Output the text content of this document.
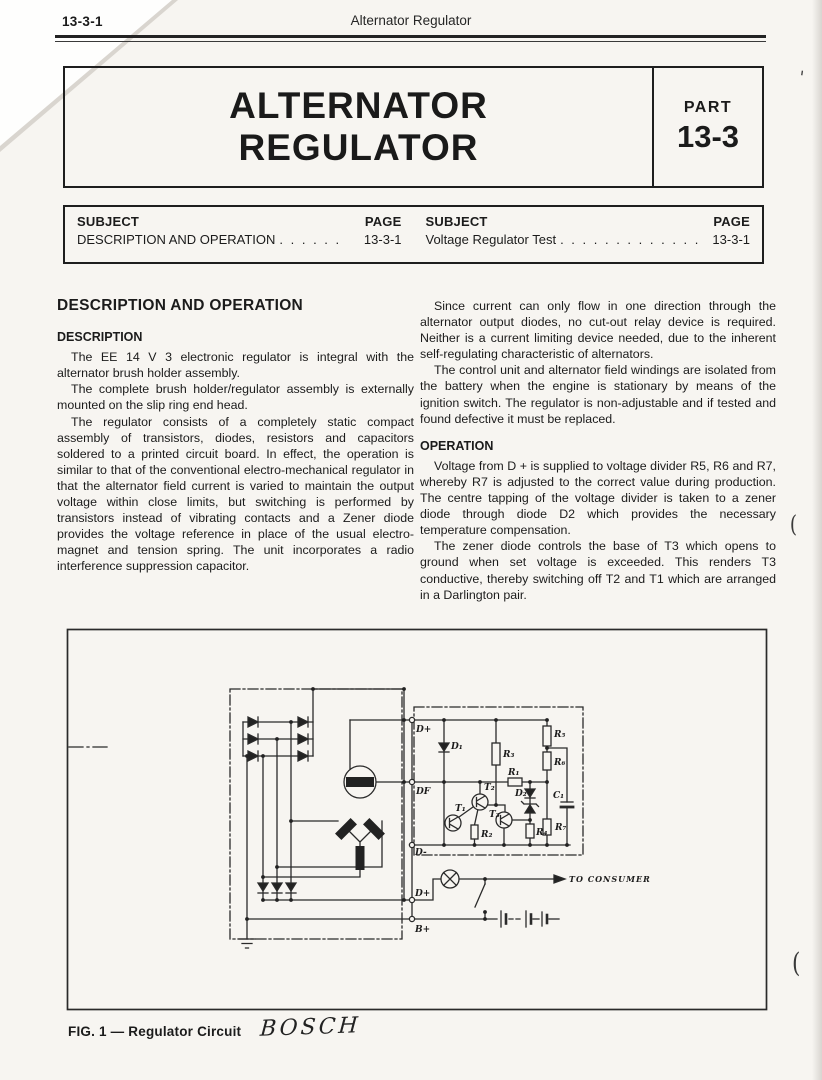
13-3-1	Alternator Regulator
ALTERNATOR
REGULATOR
PART
13-3
SUBJECT	PAGE
DESCRIPTION AND OPERATION . . . . . .	13-3-1
SUBJECT	PAGE
Voltage Regulator Test . . . . . . . . . . . . . 13-3-1
DESCRIPTION AND OPERATION
DESCRIPTION

The EE 14 V 3 electronic regulator is integral with the alternator brush holder assembly.

The complete brush holder/regulator assembly is externally mounted on the slip ring end head.

The regulator consists of a completely static compact assembly of transistors, diodes, resistors and capacitors soldered to a printed circuit board. In effect, the operation is similar to that of the conventional electro-mechanical regulator in that the alternator field current is varied to maintain the output voltage within close limits, but switching is performed by transistors instead of vibrating contacts and a Zener diode provides the voltage reference in place of the usual electro-magnet and tension spring. The unit incorporates a radio interference suppression capacitor.

Since current can only flow in one direction through the alternator output diodes, no cut-out relay device is required. Neither is a current limiting device needed, due to the inherent self-regulating characteristic of alternators.

The control unit and alternator field windings are isolated from the battery when the engine is stationary by means of the ignition switch. The regulator is non-adjustable and if tested and found defective it must be replaced.

OPERATION

Voltage from D + is supplied to voltage divider R5, R6 and R7, whereby R7 is adjusted to the correct value during production. The centre tapping of the voltage divider is taken to a zener diode through diode D2 which provides the necessary temperature compensation.

The zener diode controls the base of T3 which opens to ground when set voltage is exceeded. This renders T3 conductive, thereby switching off T2 and T1 which are arranged in a Darlington pair.

D+
DF
D-
D+
B+
D₁
D₂
R₁
R₂
R₃
R₄
R₅
R₆
R₇
C₁
T₁
T₂
T₃
TO CONSUMER
FIG. 1 — Regulator Circuit BOSCH
'
(
(
